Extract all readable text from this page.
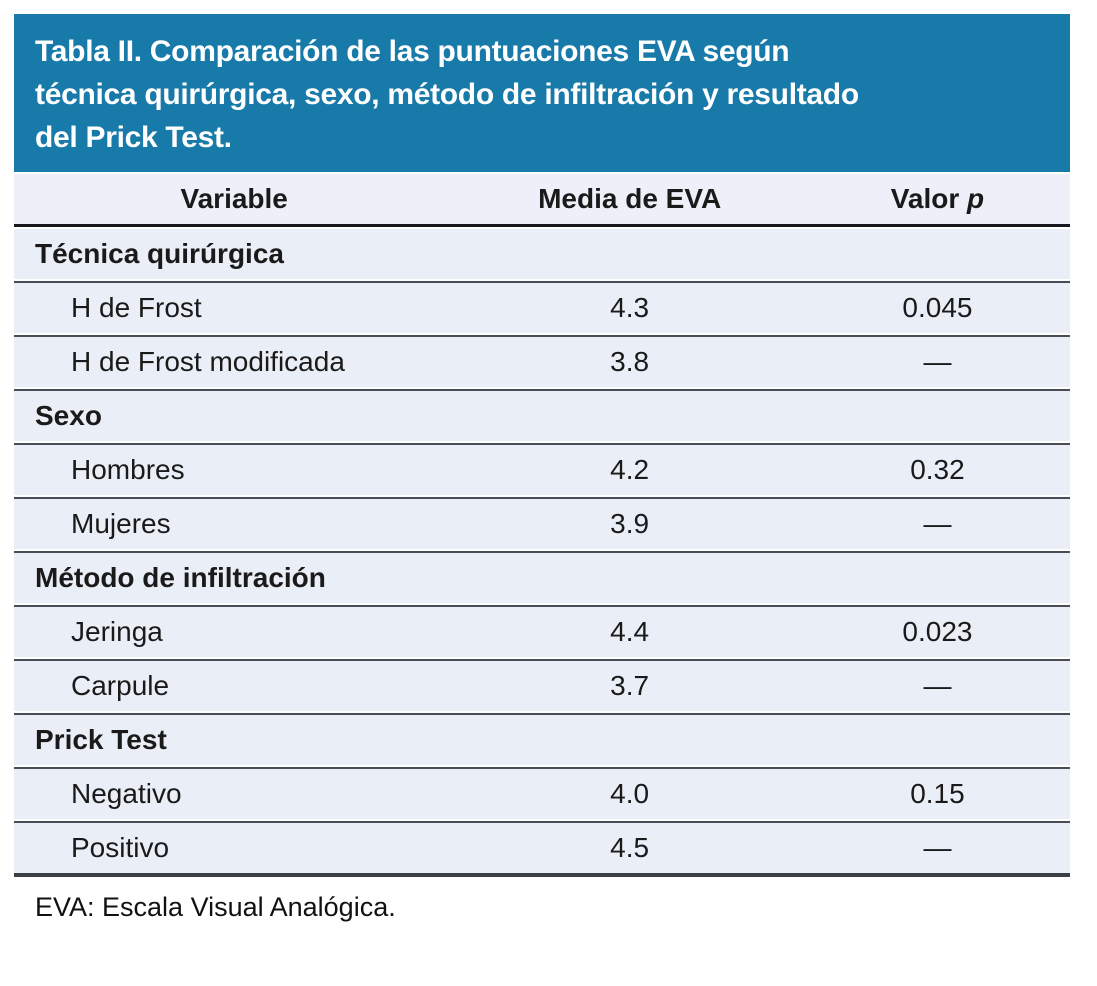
Tabla II. Comparación de las puntuaciones EVA según
técnica quirúrgica, sexo, método de infiltración y resultado
del Prick Test.
Variable	Media de EVA	Valor p
Técnica quirúrgica		
H de Frost	4.3	0.045
H de Frost modificada	3.8	—
Sexo		
Hombres	4.2	0.32
Mujeres	3.9	—
Método de infiltración		
Jeringa	4.4	0.023
Carpule	3.7	—
Prick Test		
Negativo	4.0	0.15
Positivo	4.5	—
EVA: Escala Visual Analógica.
